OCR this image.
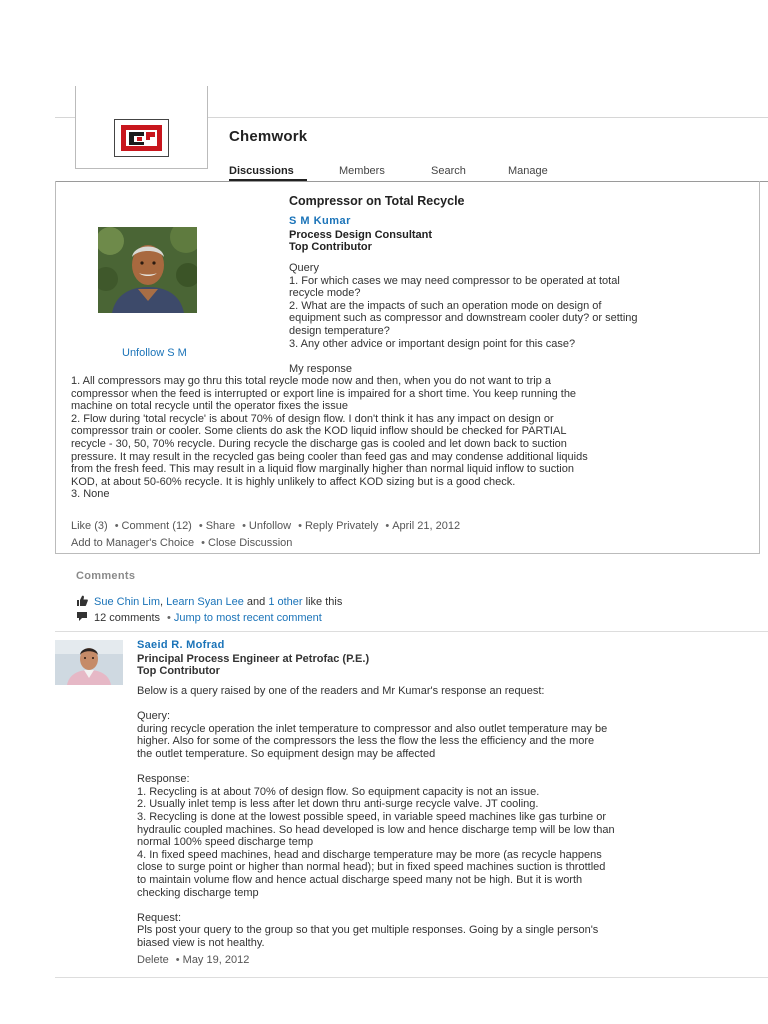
Chemwork
Discussions	Members	Search	Manage
Compressor on Total Recycle
Unfollow S M
S M Kumar
Process Design Consultant
Top Contributor

Query
1. For which cases we may need compressor to be operated at total
recycle mode?
2. What are the impacts of such an operation mode on design of
equipment such as compressor and downstream cooler duty? or setting
design temperature?
3. Any other advice or important design point for this case?

My response

1. All compressors may go thru this total reycle mode now and then, when you do not want to trip a
compressor when the feed is interrupted or export line is impaired for a short time. You keep running the
machine on total recycle until the operator fixes the issue
2. Flow during 'total recycle' is about 70% of design flow. I don't think it has any impact on design or
compressor train or cooler. Some clients do ask the KOD liquid inflow should be checked for PARTIAL
recycle - 30, 50, 70% recycle. During recycle the discharge gas is cooled and let down back to suction
pressure. It may result in the recycled gas being cooler than feed gas and may condense additional liquids
from the fresh feed. This may result in a liquid flow marginally higher than normal liquid inflow to suction
KOD, at about 50-60% recycle. It is highly unlikely to affect KOD sizing but is a good check.
3. None

Like (3) • Comment (12) • Share • Unfollow • Reply Privately • April 21, 2012
Add to Manager's Choice • Close Discussion
Comments
Sue Chin Lim, Learn Syan Lee and 1 other like this
12 comments • Jump to most recent comment
Saeid R. Mofrad
Principal Process Engineer at Petrofac (P.E.)
Top Contributor

Below is a query raised by one of the readers and Mr Kumar's response an request:

Query:
during recycle operation the inlet temperature to compressor and also outlet temperature may be
higher. Also for some of the compressors the less the flow the less the efficiency and the more
the outlet temperature. So equipment design may be affected

Response:
1. Recycling is at about 70% of design flow. So equipment capacity is not an issue.
2. Usually inlet temp is less after let down thru anti-surge recycle valve. JT cooling.
3. Recycling is done at the lowest possible speed, in variable speed machines like gas turbine or
hydraulic coupled machines. So head developed is low and hence discharge temp will be low than
normal 100% speed discharge temp
4. In fixed speed machines, head and discharge temperature may be more (as recycle happens
close to surge point or higher than normal head); but in fixed speed machines suction is throttled
to maintain volume flow and hence actual discharge speed many not be high. But it is worth
checking discharge temp

Request:
Pls post your query to the group so that you get multiple responses. Going by a single person's
biased view is not healthy.

Delete • May 19, 2012
